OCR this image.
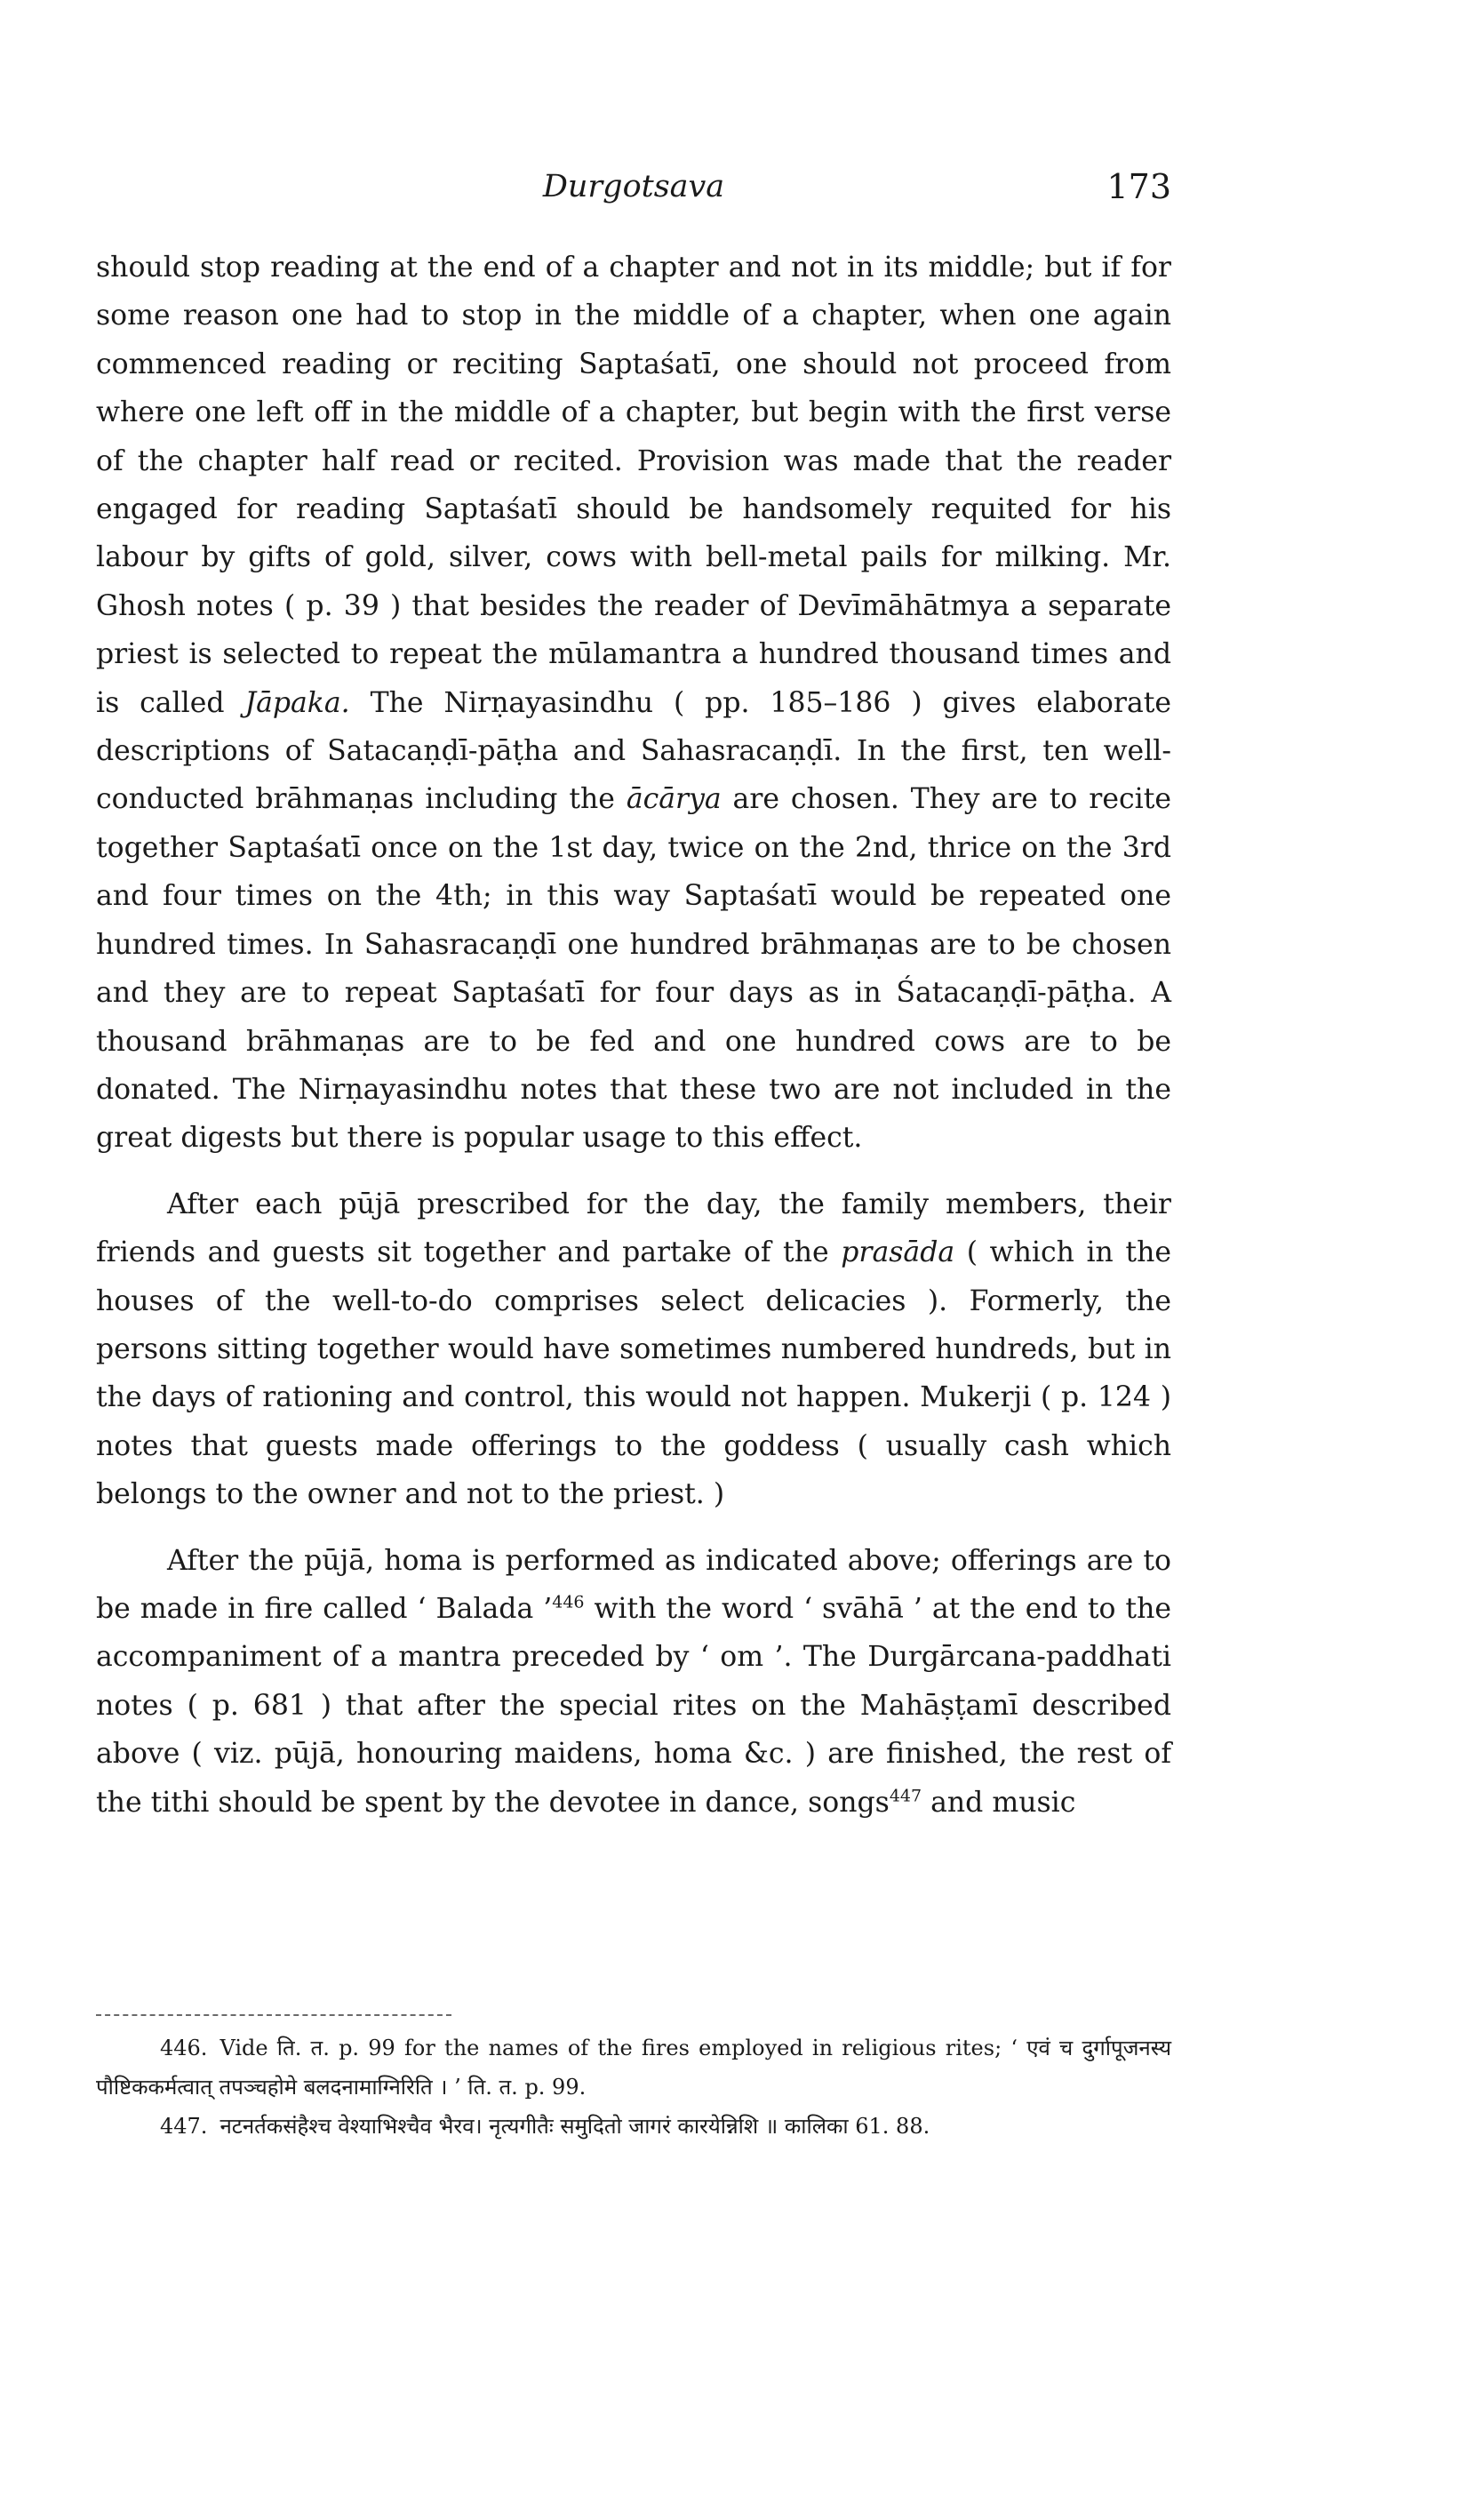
Durgotsava	173

should stop reading at the end of a chapter and not in its middle; but if for some reason one had to stop in the middle of a chapter, when one again commenced reading or reciting Saptaśatī, one should not proceed from where one left off in the middle of a chapter, but begin with the first verse of the chapter half read or recited. Provision was made that the reader engaged for reading Saptaśatī should be handsomely requited for his labour by gifts of gold, silver, cows with bell-metal pails for milking. Mr. Ghosh notes ( p. 39 ) that besides the reader of Devīmāhātmya a separate priest is selected to repeat the mūlamantra a hundred thousand times and is called Jāpaka. The Nirṇayasindhu ( pp. 185–186 ) gives elaborate descriptions of Satacaṇḍī-pāṭha and Sahasracaṇḍī. In the first, ten well-conducted brāhmaṇas including the ācārya are chosen. They are to recite together Saptaśatī once on the 1st day, twice on the 2nd, thrice on the 3rd and four times on the 4th; in this way Saptaśatī would be repeated one hundred times. In Sahasracaṇḍī one hundred brāhmaṇas are to be chosen and they are to repeat Saptaśatī for four days as in Śatacaṇḍī-pāṭha. A thousand brāhmaṇas are to be fed and one hundred cows are to be donated. The Nirṇayasindhu notes that these two are not included in the great digests but there is popular usage to this effect.

After each pūjā prescribed for the day, the family members, their friends and guests sit together and partake of the prasāda ( which in the houses of the well-to-do comprises select delicacies ). Formerly, the persons sitting together would have sometimes numbered hundreds, but in the days of rationing and control, this would not happen. Mukerji ( p. 124 ) notes that guests made offerings to the goddess ( usually cash which belongs to the owner and not to the priest. )

After the pūjā, homa is performed as indicated above; offerings are to be made in fire called ‘ Balada ’$^{446}$ with the word ‘ svāhā ’ at the end to the accompaniment of a mantra preceded by ‘ om ’. The Durgārcana-paddhati notes ( p. 681 ) that after the special rites on the Mahāṣṭamī described above ( viz. pūjā, honouring maidens, homa &c. ) are finished, the rest of the tithi should be spent by the devotee in dance, songs$^{447}$ and music

446. Vide ति. त. p. 99 for the names of the fires employed in religious rites; ‘ एवं च दुर्गापूजनस्य पौष्टिककर्मत्वात् तपञ्चहोमे बलदनामाग्निरिति । ’ ति. त. p. 99.

447. नटनर्तकसंहैश्च वेश्याभिश्चैव भैरव। नृत्यगीतैः समुदितो जागरं कारयेन्निशि ॥ कालिका 61. 88.
